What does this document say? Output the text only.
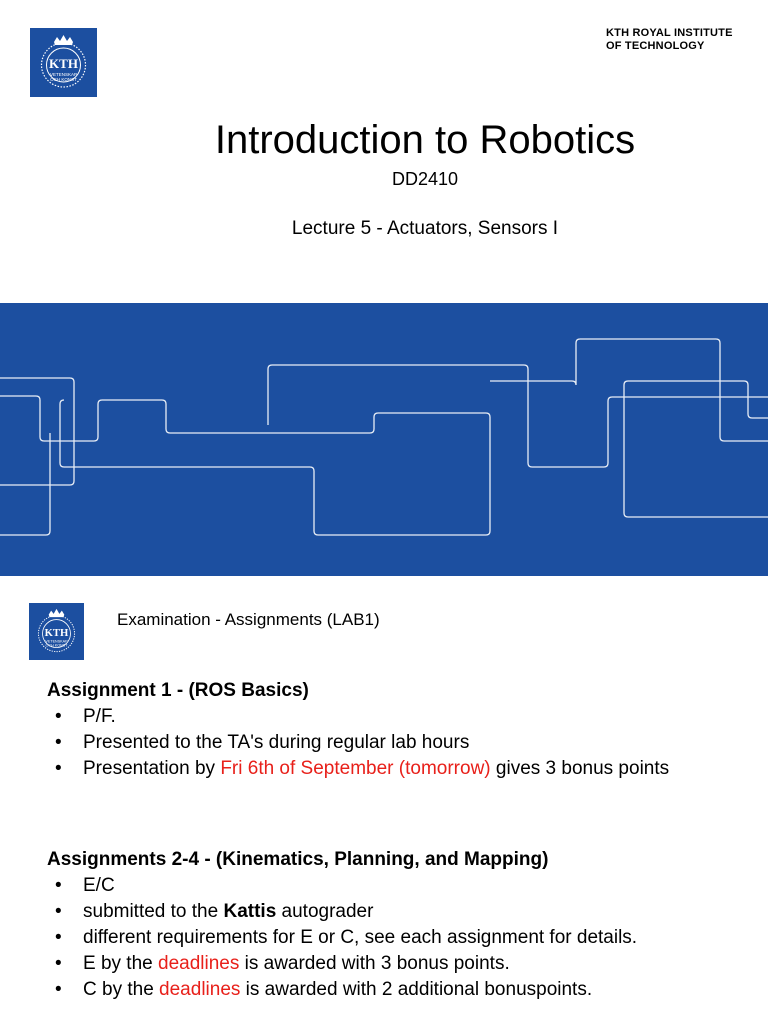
KTH
VETENSKAP
OCH KONST
KTH ROYAL INSTITUTE
OF TECHNOLOGY
Introduction to Robotics
DD2410
Lecture 5 - Actuators, Sensors I
KTH
VETENSKAP
OCH KONST
Examination - Assignments (LAB1)
Assignment 1 - (ROS Basics)
• P/F.
• Presented to the TA's during regular lab hours
• Presentation by Fri 6th of September (tomorrow) gives 3 bonus points
Assignments 2-4 - (Kinematics, Planning, and Mapping)
• E/C
• submitted to the Kattis autograder
• different requirements for E or C, see each assignment for details.
• E by the deadlines is awarded with 3 bonus points.
• C by the deadlines is awarded with 2 additional bonuspoints.
